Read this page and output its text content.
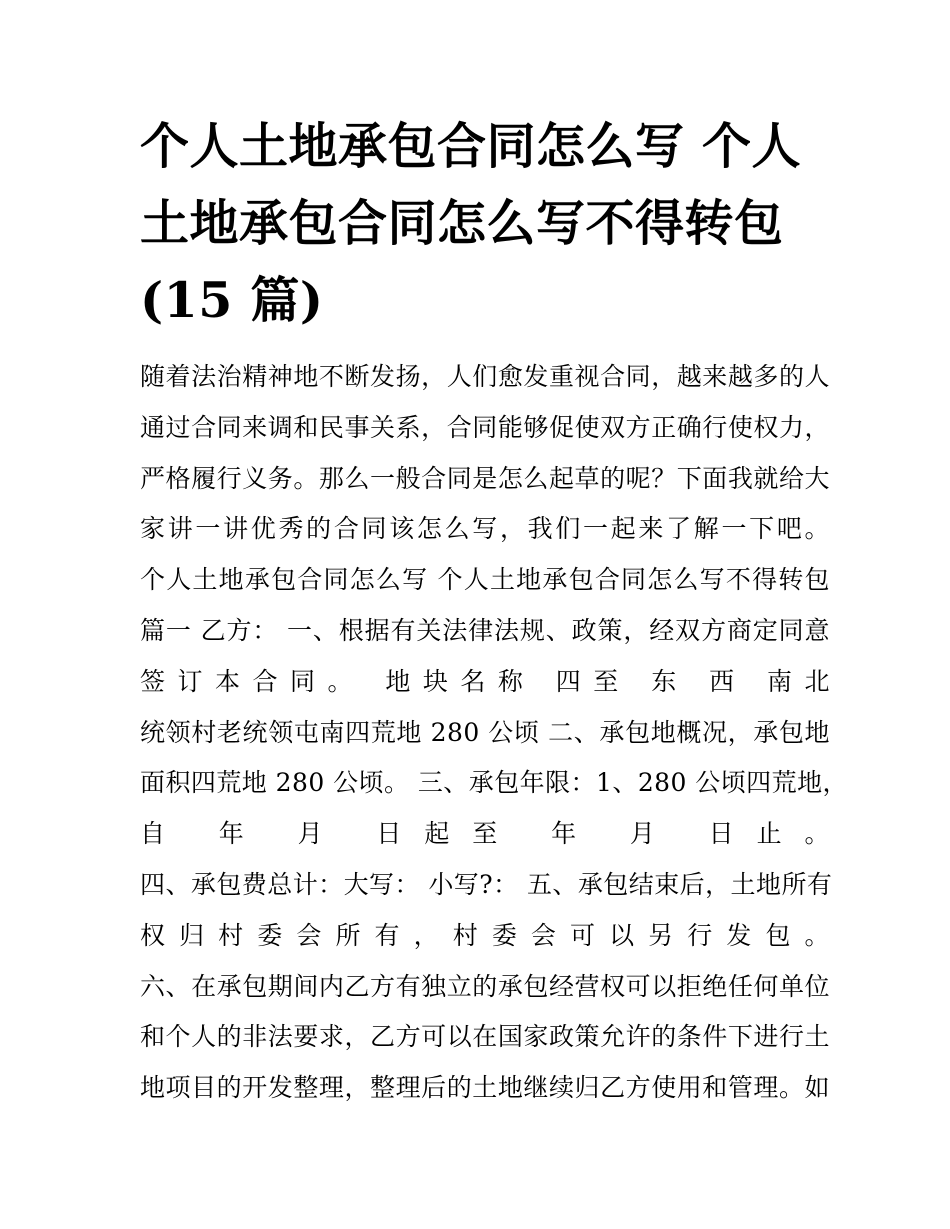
个人土地承包合同怎么写 个人
土地承包合同怎么写不得转包
(15 篇)
随着法治精神地不断发扬，人们愈发重视合同，越来越多的人
通过合同来调和民事关系，合同能够促使双方正确行使权力，
严格履行义务。那么一般合同是怎么起草的呢？下面我就给大
家讲一讲优秀的合同该怎么写，我们一起来了解一下吧。
个人土地承包合同怎么写 个人土地承包合同怎么写不得转包
篇一 乙方： 一、根据有关法律法规、政策，经双方商定同意
签订本合同。 地块名称 四至 东 西 南北
统领村老统领屯南四荒地 280 公顷 二、承包地概况，承包地
面积四荒地 280 公顷。 三、承包年限：1、280 公顷四荒地，
自 年 月 日起至 年 月 日止。
四、承包费总计：大写： 小写?： 五、承包结束后，土地所有
权归村委会所有，村委会可以另行发包。
六、在承包期间内乙方有独立的承包经营权可以拒绝任何单位
和个人的非法要求，乙方可以在国家政策允许的条件下进行土
地项目的开发整理，整理后的土地继续归乙方使用和管理。如
